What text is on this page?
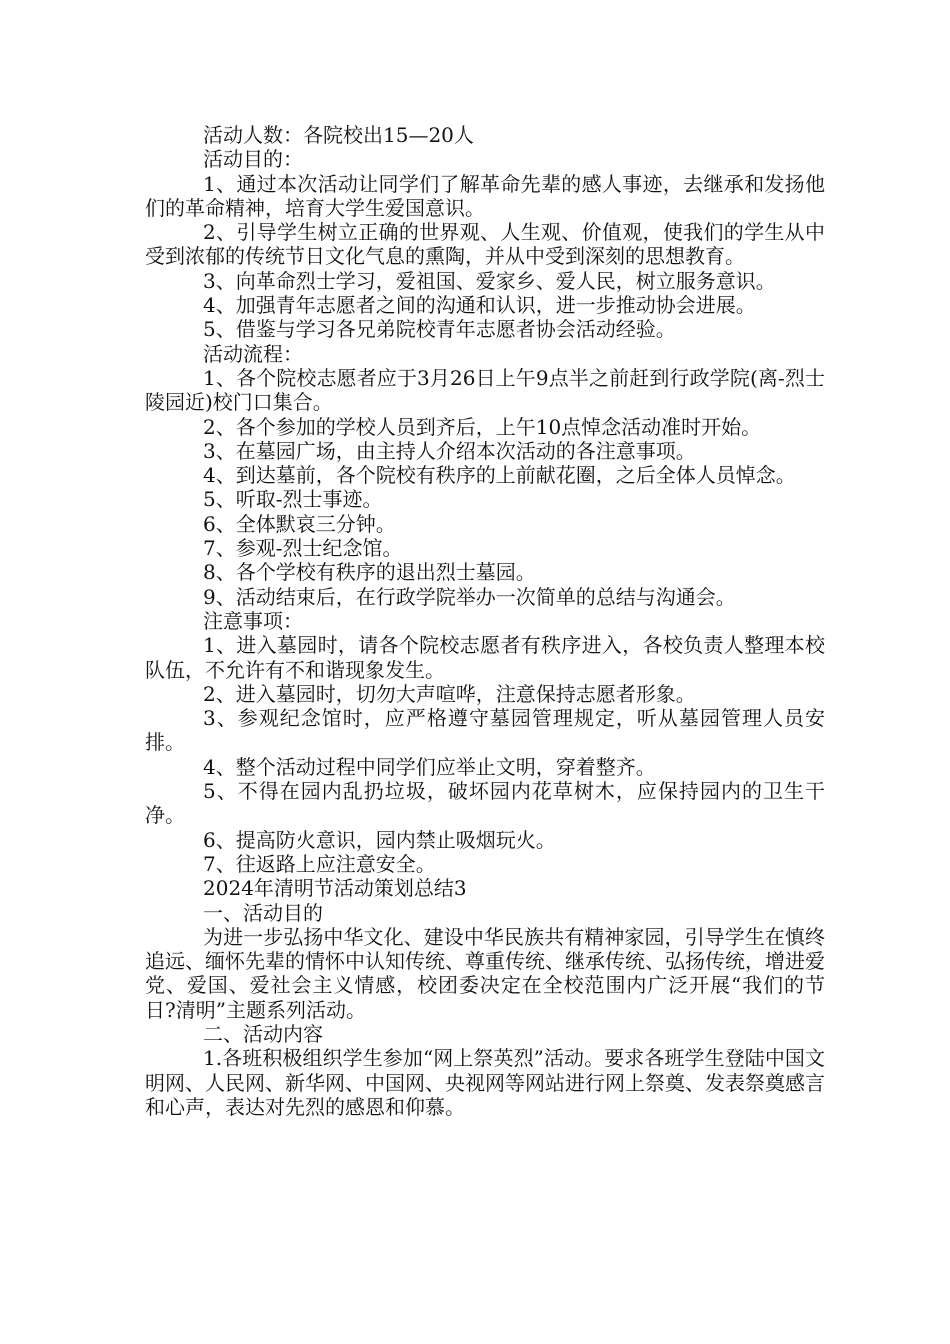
活动人数：各院校出15—20人

活动目的：

1、通过本次活动让同学们了解革命先辈的感人事迹，去继承和发扬他们的革命精神，培育大学生爱国意识。

2、引导学生树立正确的世界观、人生观、价值观，使我们的学生从中受到浓郁的传统节日文化气息的熏陶，并从中受到深刻的思想教育。

3、向革命烈士学习，爱祖国、爱家乡、爱人民，树立服务意识。

4、加强青年志愿者之间的沟通和认识，进一步推动协会进展。

5、借鉴与学习各兄弟院校青年志愿者协会活动经验。

活动流程：

1、各个院校志愿者应于3月26日上午9点半之前赶到行政学院(离-烈士陵园近)校门口集合。

2、各个参加的学校人员到齐后，上午10点悼念活动准时开始。

3、在墓园广场，由主持人介绍本次活动的各注意事项。

4、到达墓前，各个院校有秩序的上前献花圈，之后全体人员悼念。

5、听取-烈士事迹。

6、全体默哀三分钟。

7、参观-烈士纪念馆。

8、各个学校有秩序的退出烈士墓园。

9、活动结束后，在行政学院举办一次简单的总结与沟通会。

注意事项：

1、进入墓园时，请各个院校志愿者有秩序进入，各校负责人整理本校队伍，不允许有不和谐现象发生。

2、进入墓园时，切勿大声喧哗，注意保持志愿者形象。

3、参观纪念馆时，应严格遵守墓园管理规定，听从墓园管理人员安排。

4、整个活动过程中同学们应举止文明，穿着整齐。

5、不得在园内乱扔垃圾，破坏园内花草树木，应保持园内的卫生干净。

6、提高防火意识，园内禁止吸烟玩火。

7、往返路上应注意安全。

2024年清明节活动策划总结3

一、活动目的

为进一步弘扬中华文化、建设中华民族共有精神家园，引导学生在慎终追远、缅怀先辈的情怀中认知传统、尊重传统、继承传统、弘扬传统，增进爱党、爱国、爱社会主义情感，校团委决定在全校范围内广泛开展“我们的节日?清明”主题系列活动。

二、活动内容

1.各班积极组织学生参加“网上祭英烈”活动。要求各班学生登陆中国文明网、人民网、新华网、中国网、央视网等网站进行网上祭奠、发表祭奠感言和心声，表达对先烈的感恩和仰慕。
